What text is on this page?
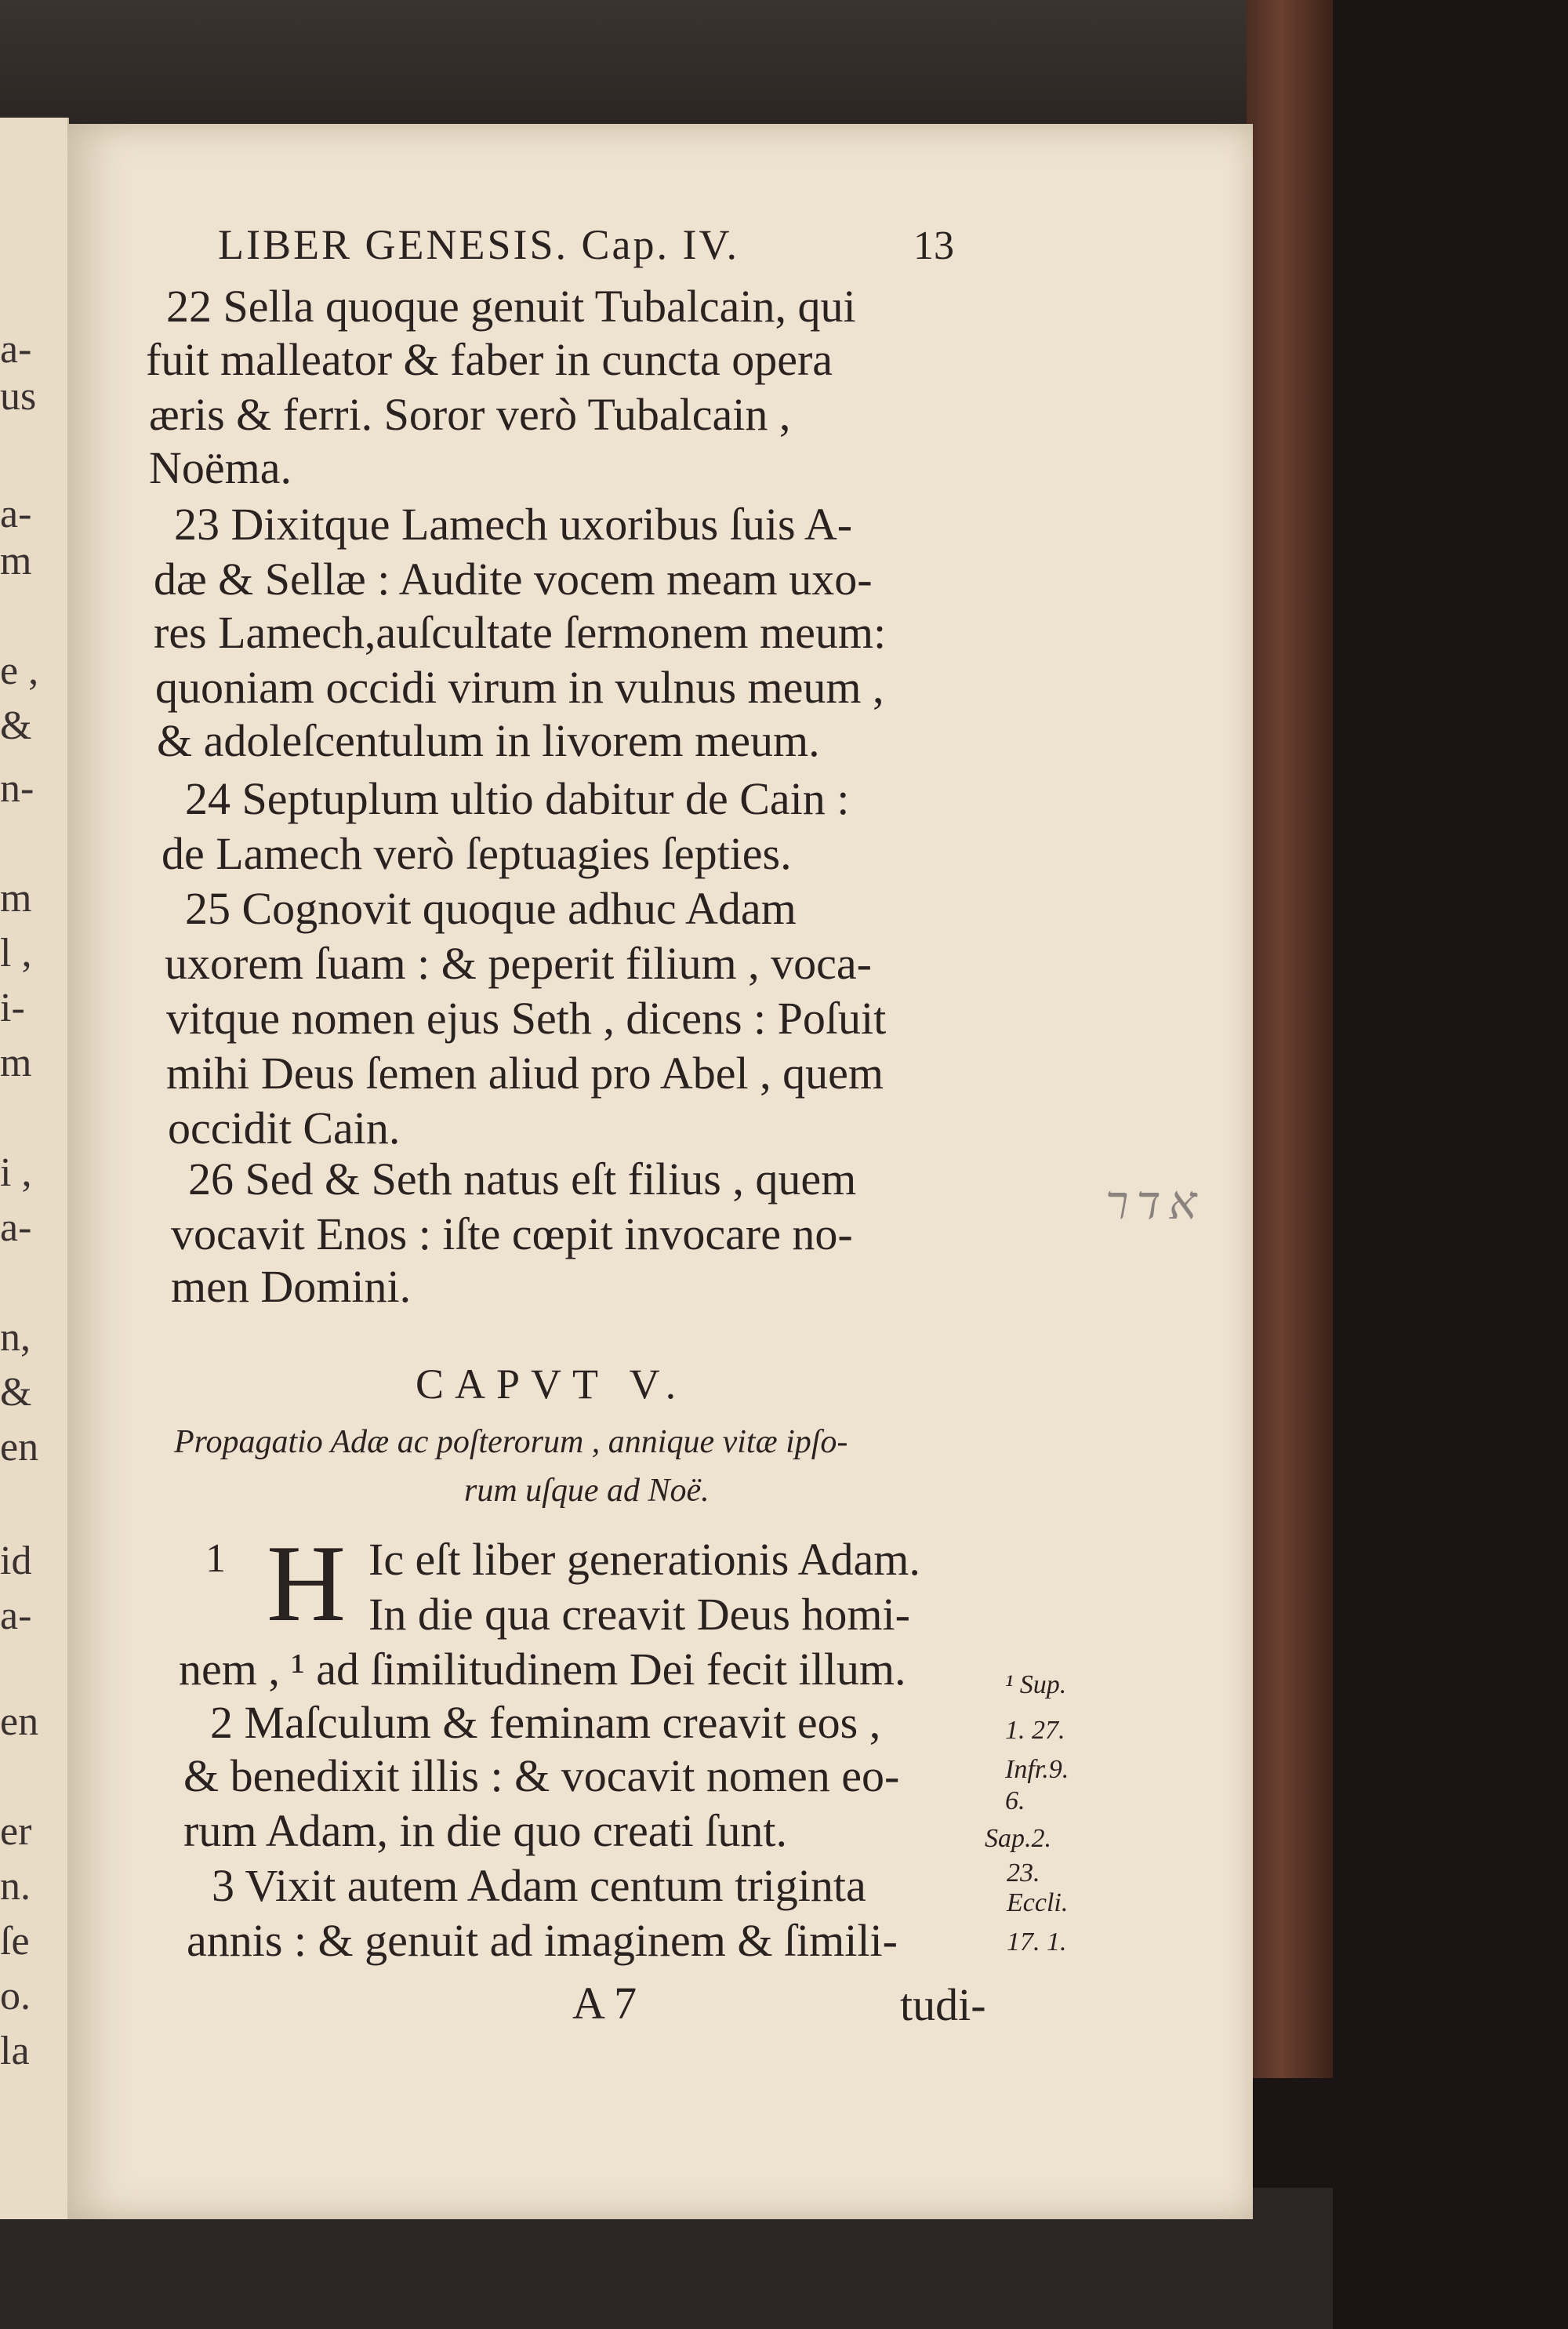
a-
us
a-
m
e ,
&
n-
m
l ,
i-
m
i ,
a-
n,
&
en
id
a-
en
er
n.
ſe
o.
la
LIBER GENESIS. Cap. IV.	13
22 Sella quoque genuit Tubalcain, qui
fuit malleator & faber in cuncta opera
æris & ferri. Soror verò Tubalcain ,
Noëma.
23 Dixitque Lamech uxoribus ſuis A-
dæ & Sellæ : Audite vocem meam uxo-
res Lamech,auſcultate ſermonem meum:
quoniam occidi virum in vulnus meum ,
& adoleſcentulum in livorem meum.
24 Septuplum ultio dabitur de Cain :
de Lamech verò ſeptuagies ſepties.
25 Cognovit quoque adhuc Adam
uxorem ſuam : & peperit filium , voca-
vitque nomen ejus Seth , dicens : Poſuit
mihi Deus ſemen aliud pro Abel , quem
occidit Cain.
26 Sed & Seth natus eſt filius , quem
vocavit Enos : iſte cœpit invocare no-
men Domini.
CAPVT V.
Propagatio Adæ ac poſterorum , annique vitæ ipſo-
rum uſque ad Noë.
1 H Ic eſt liber generationis Adam.
In die qua creavit Deus homi-
nem , ¹ ad ſimilitudinem Dei fecit illum.
2 Maſculum & feminam creavit eos ,
& benedixit illis : & vocavit nomen eo-
rum Adam, in die quo creati ſunt.
3 Vixit autem Adam centum triginta
annis : & genuit ad imaginem & ſimili-
¹ Sup.
1. 27.
Infr.9.
6.
Sap.2.
23.
Eccli.
17. 1.
A 7	tudi-
אדר
